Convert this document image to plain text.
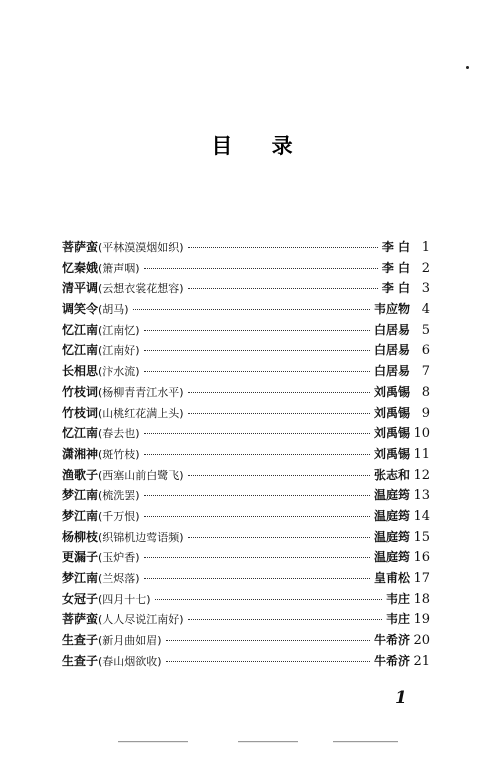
目 录
菩萨蛮 (平林漠漠烟如织)	李 白 1
忆秦娥 (箫声咽)	李 白 2
清平调 (云想衣裳花想容)	李 白 3
调笑令 (胡马)	韦应物 4
忆江南 (江南忆)	白居易 5
忆江南 (江南好)	白居易 6
长相思 (汴水流)	白居易 7
竹枝词 (杨柳青青江水平)	刘禹锡 8
竹枝词 (山桃红花满上头)	刘禹锡 9
忆江南 (春去也)	刘禹锡 10
潇湘神 (斑竹枝)	刘禹锡 11
渔歌子 (西塞山前白鹭飞)	张志和 12
梦江南 (梳洗罢)	温庭筠 13
梦江南 (千万恨)	温庭筠 14
杨柳枝 (织锦机边莺语频)	温庭筠 15
更漏子 (玉炉香)	温庭筠 16
梦江南 (兰烬落)	皇甫松 17
女冠子 (四月十七)	韦庄 18
菩萨蛮 (人人尽说江南好)	韦庄 19
生查子 (新月曲如眉)	牛希济 20
生查子 (春山烟欲收)	牛希济 21
1
